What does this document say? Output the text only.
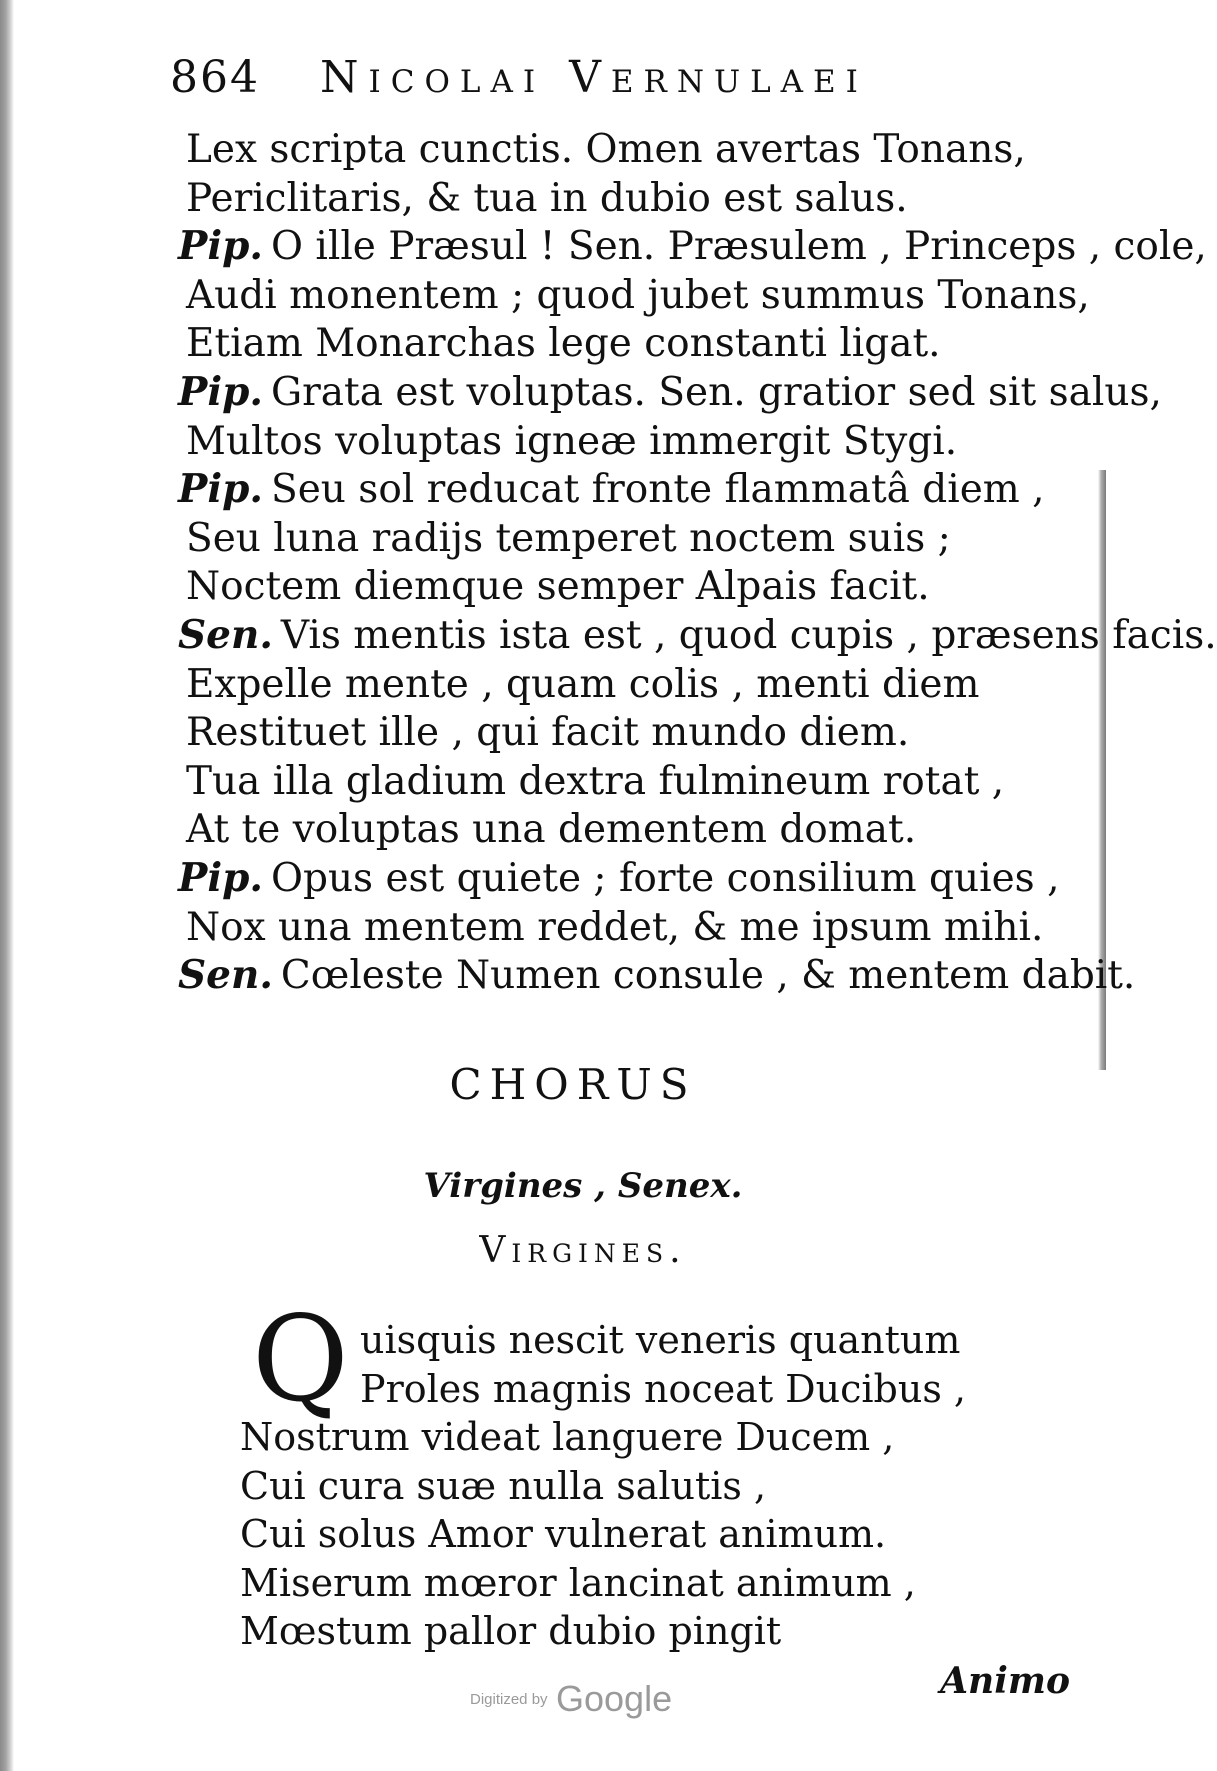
864 Nicolai Vernulaei
Lex scripta cunctis. Omen avertas Tonans,
Periclitaris, & tua in dubio est salus.
Pip. O ille Præsul ! Sen. Præsulem , Princeps , cole,
Audi monentem ; quod jubet summus Tonans,
Etiam Monarchas lege constanti ligat.
Pip. Grata est voluptas. Sen. gratior sed sit salus,
Multos voluptas igneæ immergit Stygi.
Pip. Seu sol reducat fronte flammatâ diem ,
Seu luna radijs temperet noctem suis ;
Noctem diemque semper Alpais facit.
Sen. Vis mentis ista est , quod cupis , præsens facis.
Expelle mente , quam colis , menti diem
Restituet ille , qui facit mundo diem.
Tua illa gladium dextra fulmineum rotat ,
At te voluptas una dementem domat.
Pip. Opus est quiete ; forte consilium quies ,
Nox una mentem reddet, & me ipsum mihi.
Sen. Cœleste Numen consule , & mentem dabit.
CHORUS
Virgines , Senex.
Virgines.
Q uisquis nescit veneris quantum
Proles magnis noceat Ducibus ,
Nostrum videat languere Ducem ,
Cui cura suæ nulla salutis ,
Cui solus Amor vulnerat animum.
Miserum mœror lancinat animum ,
Mœstum pallor dubio pingit
Animo
Digitized by Google
